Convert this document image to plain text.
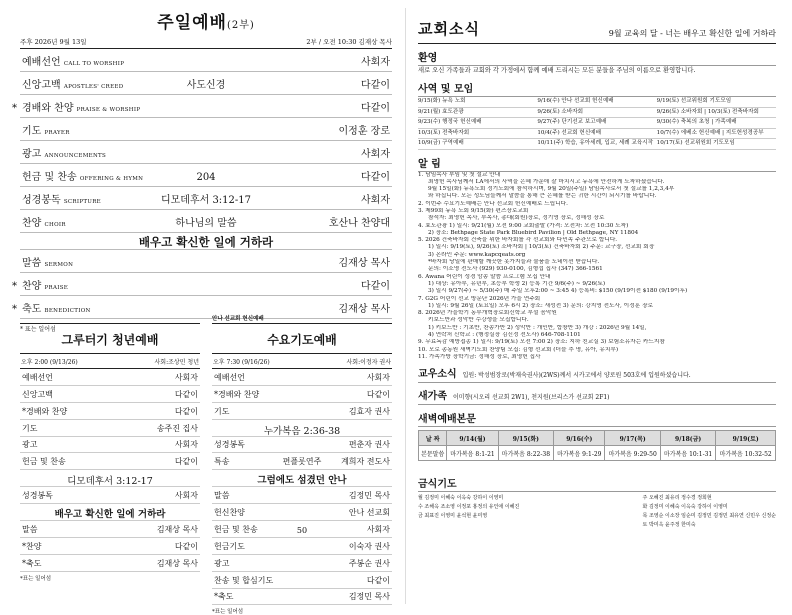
주일예배(2부)
주후 2026년 9월 13일	2부 / 오전 10:30 김재상 목사
예배선언 CALL TO WORSHIP	사회자
신앙고백 APOSTLES' CREED	사도신경	다같이
* 경배와 찬양 PRAISE & WORSHIP	다같이
기도 PRAYER	이정훈 장로
광고 ANNOUNCEMENTS	사회자
헌금 및 찬송 OFFERING & HYMN	204	다같이
성경봉독 SCRIPTURE	디모데후서 3:12-17	사회자
찬양 CHOIR	하나님의 말씀	호산나 찬양대
배우고 확신한 일에 거하라
말씀 SERMON	김재상 목사
* 찬양 PRAISE	다같이
* 축도 BENEDICTION	김재상 목사
* 표는 일어섬
그루터기 청년예배
오후 2:00 (9/13/26)	사회:조상민 청년
예배선언	사회자
신앙고백	다같이
*경배와 찬양	다같이
기도	송주진 집사
광고	사회자
헌금 및 찬송	다같이
디모데후서 3:12-17
성경봉독	사회자
배우고 확신한 일에 거하라
말씀	김재상 목사
*찬양	다같이
*축도	김재상 목사
*표는 일어섬
안나 선교회 헌신예배
수요기도예배
오후 7:30 (9/16/26)	사회:이정자 권사
예배선언	사회자
*경배와 찬양	다같이
기도	김효자 권사
누가복음 2:36-38
성경봉독	편춘자 권사
특송	편플롯연주	계희자 전도사
그럼에도 섬겼던 안나
말씀	김정민 목사
헌신찬양	안나 선교회
헌금 및 찬송	50	사회자
헌금기도	이숙자 권사
광고	주봉순 권사
찬송 및 합심기도	다같이
*축도	김정민 목사
*표는 일어섬
교회소식	9월 교육의 달 - 너는 배우고 확신한 일에 거하라
환영
새로 오신 가족들과 교회와 각 가정에서 함께 예배 드리시는 모든 분들을 주님의 이름으로 환영합니다.
사역 및 모임
9/15(화) 뉴욕 노회	9/16(수) 안나 선교회 헌신예배	9/19(토) 선교위원회 기도모임
9/21(월) 효도관광	9/26(토) 소바자회	9/26(토) 소바자회 | 10/3(토) 전축바자회
9/23(수) 행정국 헌신예배	9/27(주) 단기선교 보고예배	9/30(수) 축복의 초청 | 가족예배
10/3(토) 전축바자회	10/4(주) 선교회 헌신예배	10/7(수) 에베소 헌신예배 | 지도헌성경공부
10/9(금) 구역예배	10/11(주) 학습, 유아세례, 입교, 세례 교육시작 10/17(토) 선교위원회 기도모임
알 림
1. 담임목사 부임 및 첫 설교 안내
최영헌 목사님께서 LA에서의 사역을 은혜 가운데 잘 마치시고 뉴욕에 안전하게 도착하셨습니다.
9월 15일(화) 뉴욕노회 정기노회에 참석하시며, 9월 20일(주일) 담임목사로서 첫 설교를 1,2,3,4부
와 하십니다. 모든 성도님들께서 말씀을 통해 큰 은혜를 받는 귀한 시간이 되시기를 바랍니다.
2. 이번주 수요기도예배는 안나 선교회 헌신예배로 드립니다.
3. 제99회 뉴욕 노회 9/15(화) 편즈장로교회
참석자: 최영헌 목사, 부목사, 총대(회원)장로, 정기영 장로, 정해성 장로
4. 효도관광 1) 일시: 9/21(월) 오전 9:00 교회출발 (가격: 오전차: 오전 10:30 도착)
2) 장소: Bethpage State Park Bluebird Pavilion | Old Bethpage, NY 11804
5. 2026 건축바자회 건축을 위한 바자회를 각 선교회와 다민족 주관으로 합니다.
1) 일시: 9/19(토), 9/26(토) 소바자회 | 10/3(토) 건축바자회 2) 주문: 교구장, 선교회 회장
3) 온라인 주문: www.kapcqeats.org
*바자회 당일에 판매할 깨끗한 옷가지들과 물품을 도네이션 받습니다.
문의: 이소영 전도사 (929) 930-0100, 김형섭 집사 (347) 366-1561
6. Awana 어린이 성경 암송 말씀 프로그램 모집 안내
1) 대상: 유아부, 유년부, 초등부 학생 2) 등록 기간 9/6(주) ~ 9/26(토)
3) 일시 9/27(주) ~ 5/30(주) 매 주일 오후2:00 ~ 3:45 4) 등록비: $150 (9/19이전 $180 (9/19이후)
7. G2G 어린이 선교 방문단 2026년 가을 연주회
1) 일시: 9월 26일 (토요일) 오후 6시 2) 장소: 새성전 3) 문의: 강지영 전도사, 이정훈 장로
8. 2026년 가을학기 동부개혁장로회신학교 부설 음악원
키보드반과 성악반 수강생을 모집합니다.
1) 키보드반 : 기초반, 찬송가반 2) 성악반 : 개인반, 합창반 3) 개강 : 2026년 9월 14일,
4) 연락처 신학교 : (행정실장 김신정 전도사) 646-708-1101
9. 무료독감 예방접종 1) 일시: 9/19(토) 오전 7:00 2) 장소: 지하 친교실 3) 보험소유자는 카드지참
10. 모로 총동원 새벽기도회 찬양팀 모집: 김형 선교회 (더블 추 명, 유아, 유치부)
11. 가족가방 장학기금: 정해성 장로, 최영헌 집사
교우소식 입원: 박성범장로(박재숙권사)(2WS)께서 시카고에서 양로원 503호에 입원하셨습니다.
새가족 이미향(시오리 선교회 2W1), 천지원(브리스가 선교회 2F1)
새벽예배본문
날 짜	9/14(월)	9/15(화)	9/16(수)	9/17(목)	9/18(금)	9/19(토)
본문말씀	마가복음 8:1-21	마가복음 8:22-38	마가복음 9:1-29	마가복음 9:29-50	마가복음 10:1-31	마가복음 10:32-52
금식기도
월 김정미 이혜숙 이옥숙 강하이 이영미
수 조해옥 조소영 이정포 홍정의 유인애 이혜진
금 최표진 이영미 윤석현 윤미영
주 오혜진 최유리 정수경 정희현
화 김정미 이혜숙 이옥숙 강하이 이영미
목 조영순 이소장 임순미 김정민 김정민 최유연 신민우 신정순
토 박미옥 윤주정 한미숙
